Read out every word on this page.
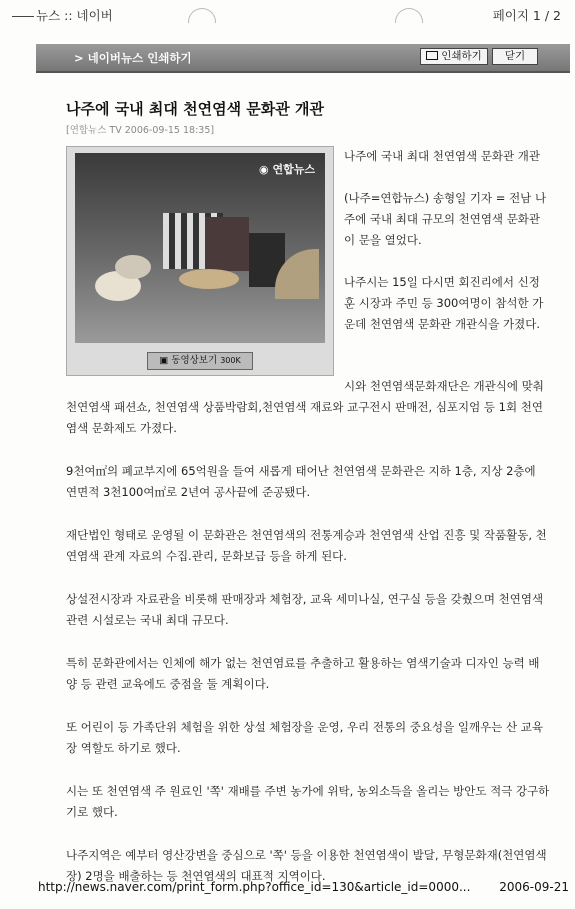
뉴스 :: 네이버	페이지 1 / 2
> 네이버뉴스 인쇄하기	인쇄하기	닫기
나주에 국내 최대 천연염색 문화관 개관
[연합뉴스 TV 2006-09-15 18:35]
◉ 연합뉴스
▣ 동영상보기 300K

나주에 국내 최대 천연염색 문화관 개관

(나주=연합뉴스) 송형일 기자 = 전남 나주에 국내 최대 규모의 천연염색 문화관이 문을 열었다.

나주시는 15일 다시면 회진리에서 신정훈 시장과 주민 등 300여명이 참석한 가운데 천연염색 문화관 개관식을 가졌다.

시와 천연염색문화재단은 개관식에 맞춰 천연염색 패션쇼, 천연염색 상품박람회,천연염색 재료와 교구전시 판매전, 심포지엄 등 1회 천연염색 문화제도 가졌다.

9천여㎡의 폐교부지에 65억원을 들여 새롭게 태어난 천연염색 문화관은 지하 1층, 지상 2층에 연면적 3천100여㎡로 2년여 공사끝에 준공됐다.

재단법인 형태로 운영될 이 문화관은 천연염색의 전통계승과 천연염색 산업 진흥 및 작품활동, 천연염색 관계 자료의 수집.관리, 문화보급 등을 하게 된다.

상설전시장과 자료관을 비롯해 판매장과 체험장, 교육 세미나실, 연구실 등을 갖췄으며 천연염색 관련 시설로는 국내 최대 규모다.

특히 문화관에서는 인체에 해가 없는 천연염료를 추출하고 활용하는 염색기술과 디자인 능력 배양 등 관련 교육에도 중점을 둘 계획이다.

또 어린이 등 가족단위 체험을 위한 상설 체험장을 운영, 우리 전통의 중요성을 일깨우는 산 교육장 역할도 하기로 했다.

시는 또 천연염색 주 원료인 '쪽' 재배를 주변 농가에 위탁, 농외소득을 올리는 방안도 적극 강구하기로 했다.

나주지역은 예부터 영산강변을 중심으로 '쪽' 등을 이용한 천연염색이 발달, 무형문화재(천연염색장) 2명을 배출하는 등 천연염색의 대표적 지역이다.

http://news.naver.com/print_form.php?office_id=130&article_id=0000... 2006-09-21
